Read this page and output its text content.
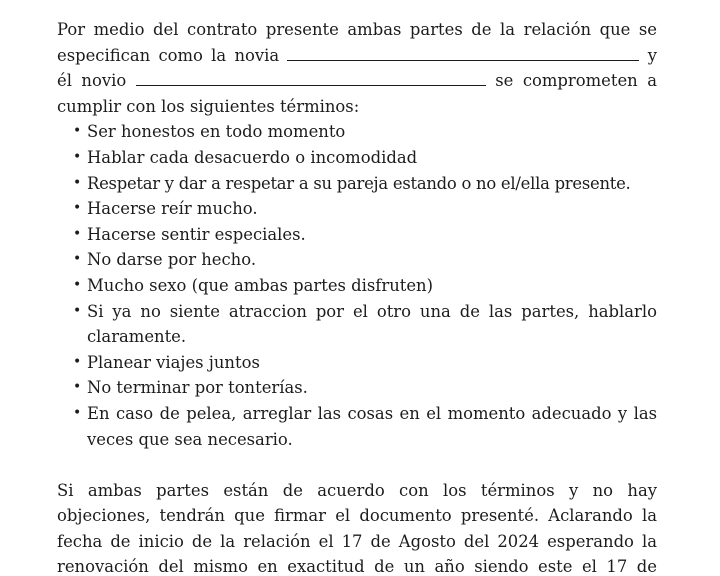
Por medio del contrato presente ambas partes de la relación que se
especifican como la novia	y
él novio	se comprometen a
cumplir con los siguientes términos:

• Ser honestos en todo momento
• Hablar cada desacuerdo o incomodidad
• Respetar y dar a respetar a su pareja estando o no el/ella presente.
• Hacerse reír mucho.
• Hacerse sentir especiales.
• No darse por hecho.
• Mucho sexo (que ambas partes disfruten)
• Si ya no siente atraccion por el otro una de las partes, hablarlo
claramente.
• Planear viajes juntos
• No terminar por tonterías.
• En caso de pelea, arreglar las cosas en el momento adecuado y las
veces que sea necesario.

Si ambas partes están de acuerdo con los términos y no hay
objeciones, tendrán que firmar el documento presenté. Aclarando la
fecha de inicio de la relación el 17 de Agosto del 2024 esperando la
renovación del mismo en exactitud de un año siendo este el 17 de
